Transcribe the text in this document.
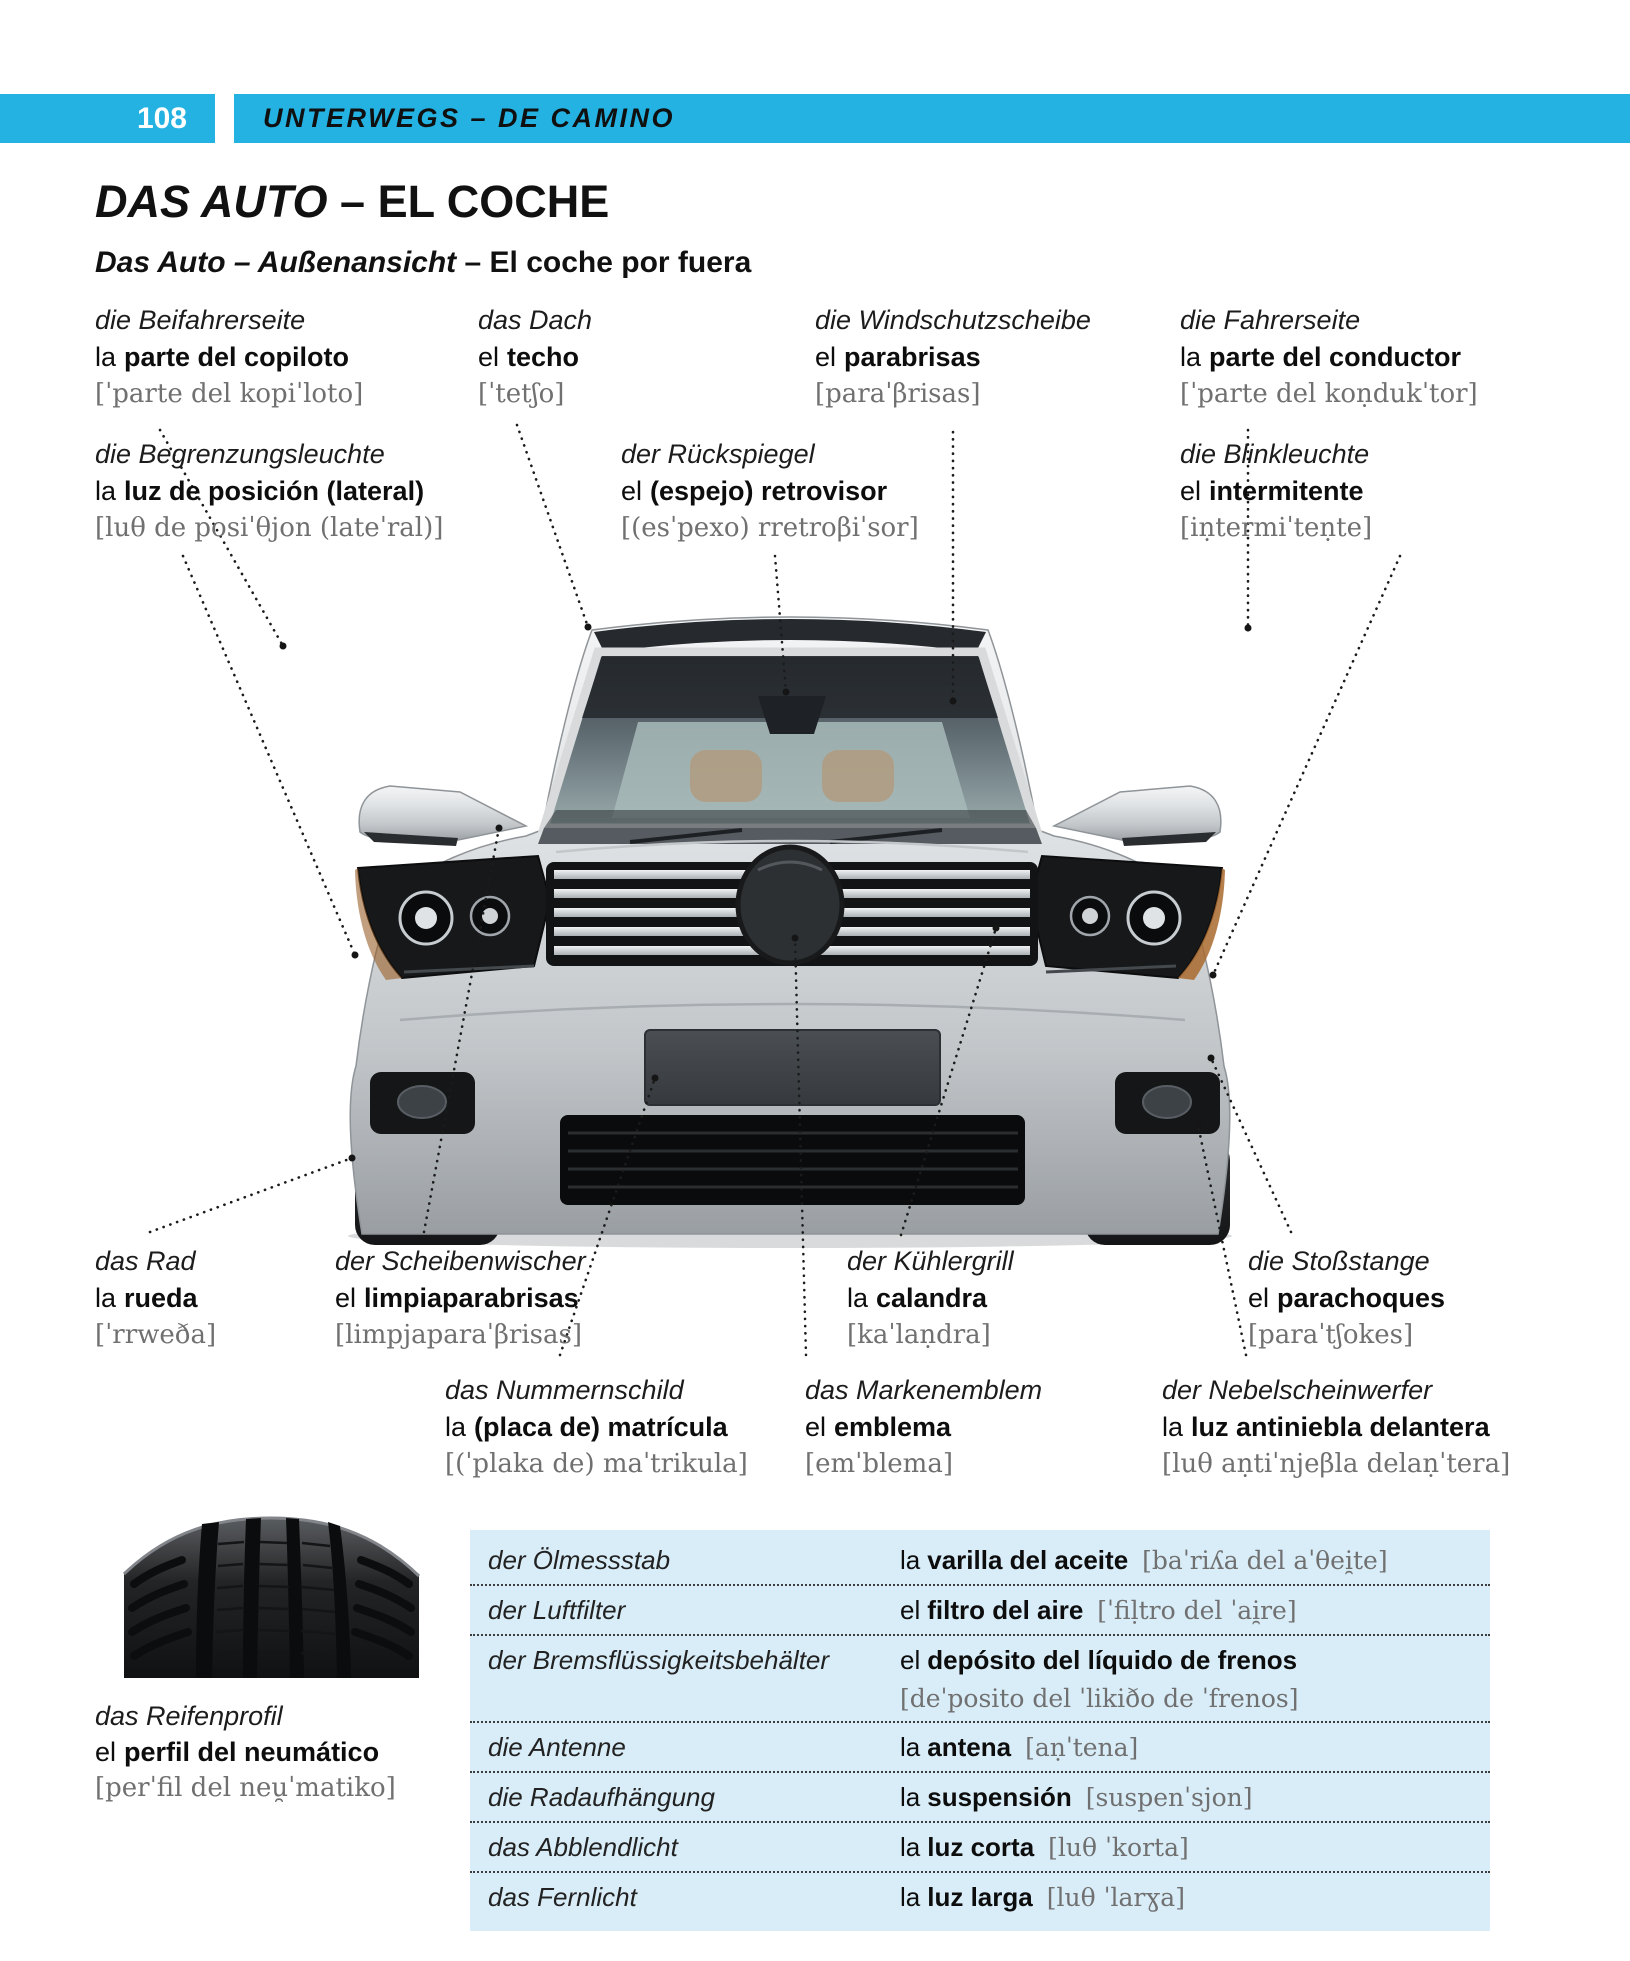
108	UNTERWEGS – DE CAMINO
DAS AUTO – EL COCHE
Das Auto – Außenansicht – El coche por fuera
die Beifahrerseite
la parte del copiloto
[ˈparte del kopiˈloto]
das Dach
el techo
[ˈtetʃo]
die Windschutzscheibe
el parabrisas
[paraˈβrisas]
die Fahrerseite
la parte del conductor
[ˈparte del koṇdukˈtor]
die Begrenzungsleuchte
la luz de posición (lateral)
[luθ de posiˈθjon (lateˈral)]
der Rückspiegel
el (espejo) retrovisor
[(esˈpexo) rretroβiˈsor]
die Blinkleuchte
el intermitente
[iṇtermiˈteṇte]
das Rad
la rueda
[ˈrrweða]
der Scheibenwischer
el limpiaparabrisas
[limpjaparaˈβrisas]
der Kühlergrill
la calandra
[kaˈlaṇdra]
die Stoßstange
el parachoques
[paraˈtʃokes]
das Nummernschild
la (placa de) matrícula
[(ˈplaka de) maˈtrikula]
das Markenemblem
el emblema
[emˈblema]
der Nebelscheinwerfer
la luz antiniebla delantera
[luθ aṇtiˈnjeβla delaṇˈtera]
das Reifenprofil
el perfil del neumático
[perˈfil del neu̯ˈmatiko]
der Ölmessstab	la varilla del aceite [baˈriʎa del aˈθei̯te]
der Luftfilter	el filtro del aire [ˈfiḷtro del ˈai̯re]
der Bremsflüssigkeitsbehälter	el depósito del líquido de frenos
[deˈposito del ˈlikiðo de ˈfrenos]
die Antenne	la antena [aṇˈtena]
die Radaufhängung	la suspensión [suspenˈsjon]
das Abblendlicht	la luz corta [luθ ˈkorta]
das Fernlicht	la luz larga [luθ ˈlarɣa]
